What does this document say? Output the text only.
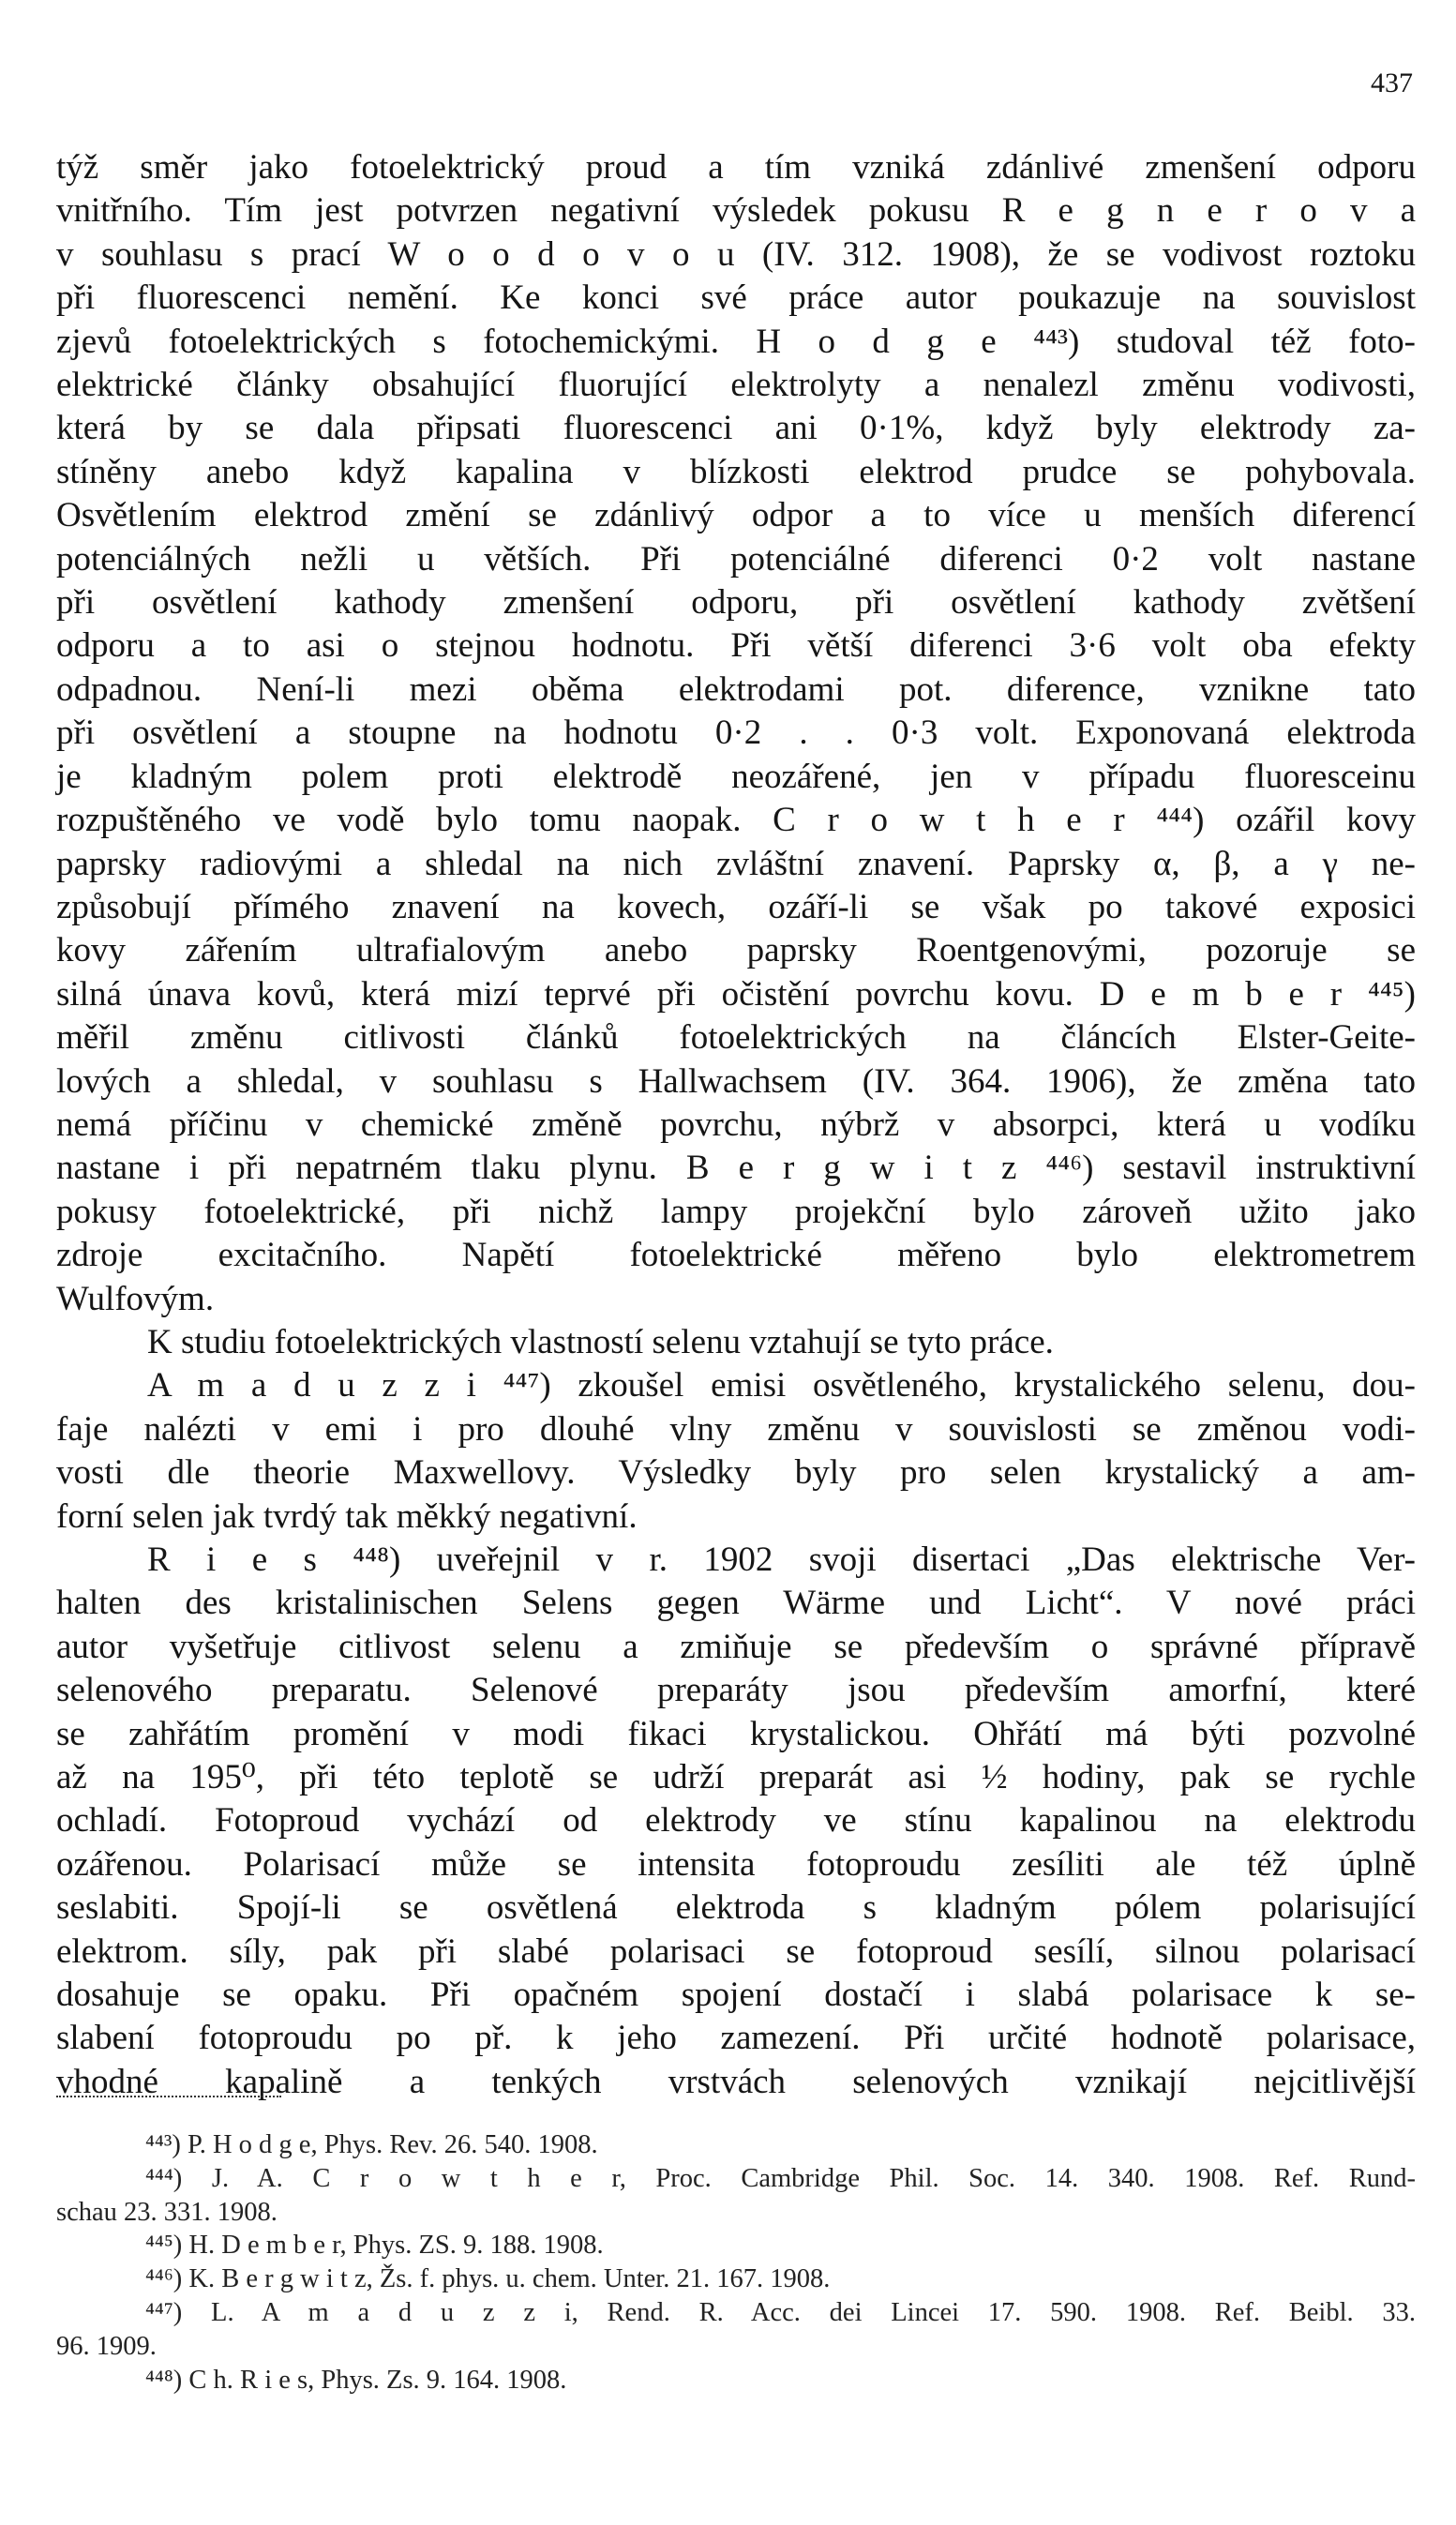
437
týž směr jako fotoelektrický proud a tím vzniká zdánlivé zmenšení odporu
vnitřního. Tím jest potvrzen negativní výsledek pokusu R e g n e r o v a
v souhlasu s prací W o o d o v o u (IV. 312. 1908), že se vodivost roztoku
při fluorescenci nemění. Ke konci své práce autor poukazuje na souvislost
zjevů fotoelektrických s fotochemickými. H o d g e ⁴⁴³) studoval též foto-
elektrické články obsahující fluorující elektrolyty a nenalezl změnu vodivosti,
která by se dala připsati fluorescenci ani 0·1%, když byly elektrody za-
stíněny anebo když kapalina v blízkosti elektrod prudce se pohybovala.
Osvětlením elektrod změní se zdánlivý odpor a to více u menších diferencí
potenciálných nežli u větších. Při potenciálné diferenci 0·2 volt nastane
při osvětlení kathody zmenšení odporu, při osvětlení kathody zvětšení
odporu a to asi o stejnou hodnotu. Při větší diferenci 3·6 volt oba efekty
odpadnou. Není-li mezi oběma elektrodami pot. diference, vznikne tato
při osvětlení a stoupne na hodnotu 0·2 . . 0·3 volt. Exponovaná elektroda
je kladným polem proti elektrodě neozářené, jen v případu fluoresceinu
rozpuštěného ve vodě bylo tomu naopak. C r o w t h e r ⁴⁴⁴) ozářil kovy
paprsky radiovými a shledal na nich zvláštní znavení. Paprsky α, β, a γ ne-
způsobují přímého znavení na kovech, ozáří-li se však po takové exposici
kovy zářením ultrafialovým anebo paprsky Roentgenovými, pozoruje se
silná únava kovů, která mizí teprvé při očistění povrchu kovu. D e m b e r ⁴⁴⁵)
měřil změnu citlivosti článků fotoelektrických na článcích Elster-Geite-
lových a shledal, v souhlasu s Hallwachsem (IV. 364. 1906), že změna tato
nemá příčinu v chemické změně povrchu, nýbrž v absorpci, která u vodíku
nastane i při nepatrném tlaku plynu. B e r g w i t z ⁴⁴⁶) sestavil instruktivní
pokusy fotoelektrické, při nichž lampy projekční bylo zároveň užito jako
zdroje excitačního. Napětí fotoelektrické měřeno bylo elektrometrem
Wulfovým.
K studiu fotoelektrických vlastností selenu vztahují se tyto práce.
A m a d u z z i ⁴⁴⁷) zkoušel emisi osvětleného, krystalického selenu, dou-
faje nalézti v emi i pro dlouhé vlny změnu v souvislosti se změnou vodi-
vosti dle theorie Maxwellovy. Výsledky byly pro selen krystalický a am-
forní selen jak tvrdý tak měkký negativní.
R i e s ⁴⁴⁸) uveřejnil v r. 1902 svoji disertaci „Das elektrische Ver-
halten des kristalinischen Selens gegen Wärme und Licht“. V nové práci
autor vyšetřuje citlivost selenu a zmiňuje se především o správné přípravě
selenového preparatu. Selenové preparáty jsou především amorfní, které
se zahřátím promění v modi fikaci krystalickou. Ohřátí má býti pozvolné
až na 195⁰, při této teplotě se udrží preparát asi ½ hodiny, pak se rychle
ochladí. Fotoproud vychází od elektrody ve stínu kapalinou na elektrodu
ozářenou. Polarisací může se intensita fotoproudu zesíliti ale též úplně
seslabiti. Spojí-li se osvětlená elektroda s kladným pólem polarisující
elektrom. síly, pak při slabé polarisaci se fotoproud sesílí, silnou polarisací
dosahuje se opaku. Při opačném spojení dostačí i slabá polarisace k se-
slabení fotoproudu po př. k jeho zamezení. Při určité hodnotě polarisace,
vhodné kapalině a tenkých vrstvách selenových vznikají nejcitlivější
⁴⁴³) P. H o d g e, Phys. Rev. 26. 540. 1908.
⁴⁴⁴) J. A. C r o w t h e r, Proc. Cambridge Phil. Soc. 14. 340. 1908. Ref. Rund-
schau 23. 331. 1908.
⁴⁴⁵) H. D e m b e r, Phys. ZS. 9. 188. 1908.
⁴⁴⁶) K. B e r g w i t z, Žs. f. phys. u. chem. Unter. 21. 167. 1908.
⁴⁴⁷) L. A m a d u z z i, Rend. R. Acc. dei Lincei 17. 590. 1908. Ref. Beibl. 33.
96. 1909.
⁴⁴⁸) C h. R i e s, Phys. Zs. 9. 164. 1908.
